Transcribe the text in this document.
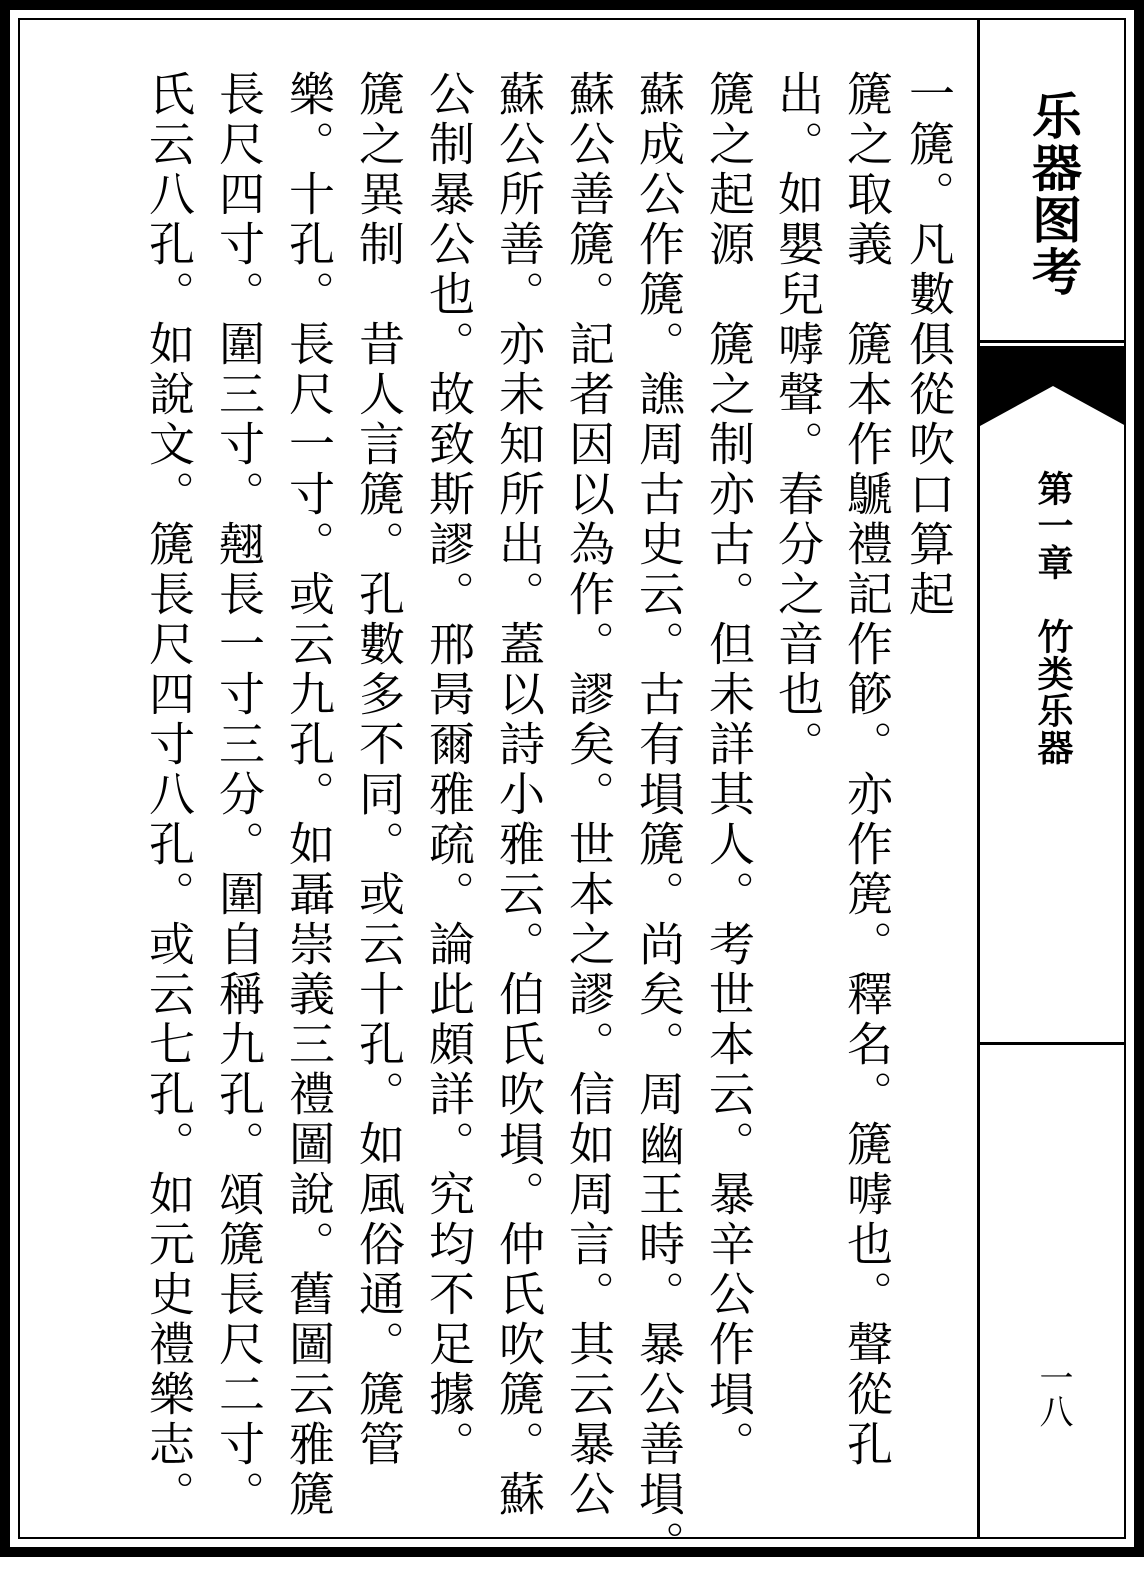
一篪。凡數俱從吹口算起
篪之取義　篪本作鷈禮記作篎。亦作箎。釋名。篪嘑也。聲從孔
出。如嬰兒嘑聲。春分之音也。
篪之起源　篪之制亦古。但未詳其人。考世本云。暴辛公作塤。
蘇成公作篪。譙周古史云。古有塤篪。尚矣。周幽王時。暴公善塤。
蘇公善篪。記者因以為作。謬矣。世本之謬。信如周言。其云暴公
蘇公所善。亦未知所出。蓋以詩小雅云。伯氏吹塤。仲氏吹篪。蘇
公制暴公也。故致斯謬。邢昺爾雅疏。論此頗詳。究均不足據。
篪之異制　昔人言篪。孔數多不同。或云十孔。如風俗通。篪管
樂。十孔。長尺一寸。或云九孔。如聶崇義三禮圖說。舊圖云雅篪
長尺四寸。圍三寸。翹長一寸三分。圍自稱九孔。頌篪長尺二寸。
氏云八孔。如說文。篪長尺四寸八孔。或云七孔。如元史禮樂志。	乐器图考
第一章　竹类乐器
一八
